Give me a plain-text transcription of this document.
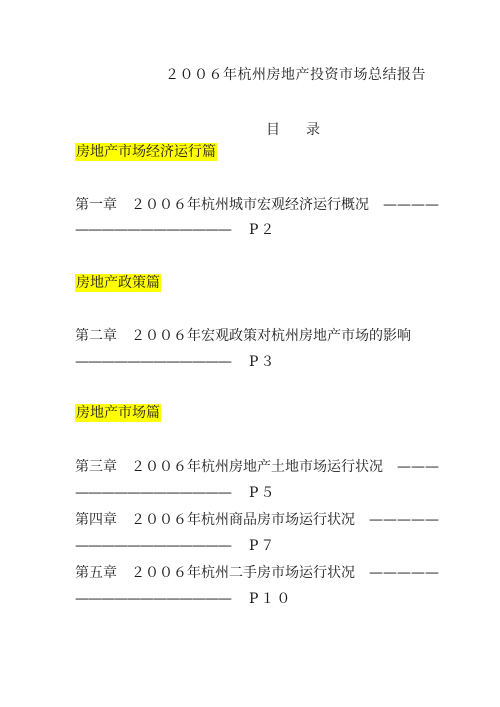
２００６年杭州房地产投资市场总结报告
目 录
房地产市场经济运行篇
第一章　２００６年杭州城市宏观经济运行概况　————
———————————— P２
房地产政策篇
第二章　２００６年宏观政策对杭州房地产市场的影响
———————————— P３
房地产市场篇
第三章　２００６年杭州房地产土地市场运行状况　———
———————————— P５
第四章　２００６年杭州商品房市场运行状况　—————
———————————— P７
第五章　２００６年杭州二手房市场运行状况　—————
———————————— P１０
